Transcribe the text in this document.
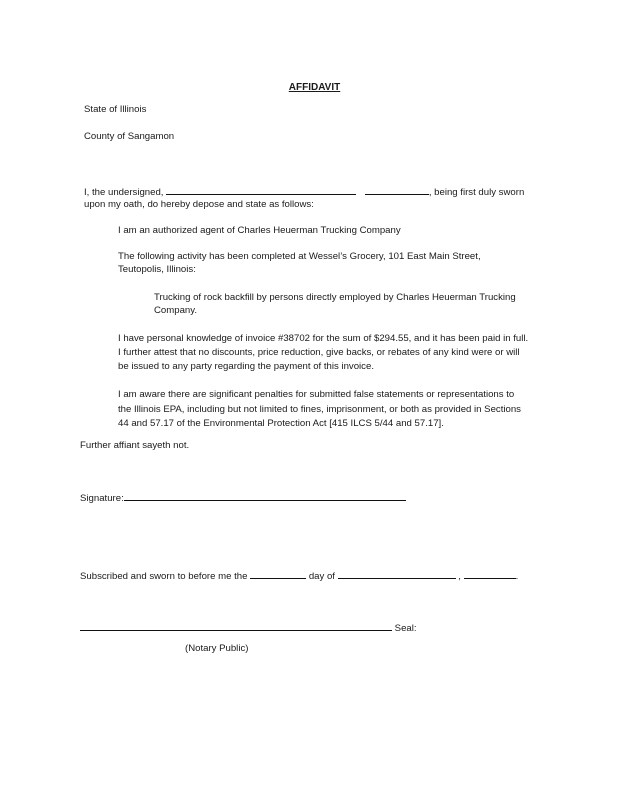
AFFIDAVIT
State of Illinois
County of Sangamon
I, the undersigned,	, being first duly sworn
upon my oath, do hereby depose and state as follows:
I am an authorized agent of Charles Heuerman Trucking Company
The following activity has been completed at Wessel’s Grocery, 101 East Main Street,
Teutopolis, Illinois:
Trucking of rock backfill by persons directly employed by Charles Heuerman Trucking
Company.
I have personal knowledge of invoice #38702 for the sum of $294.55, and it has been paid in full.
I further attest that no discounts, price reduction, give backs, or rebates of any kind were or will
be issued to any party regarding the payment of this invoice.
I am aware there are significant penalties for submitted false statements or representations to
the Illinois EPA, including but not limited to fines, imprisonment, or both as provided in Sections
44 and 57.17 of the Environmental Protection Act [415 ILCS 5/44 and 57.17].
Further affiant sayeth not.
Signature:
Subscribed and sworn to before me the	day of	,	.
Seal:
(Notary Public)
